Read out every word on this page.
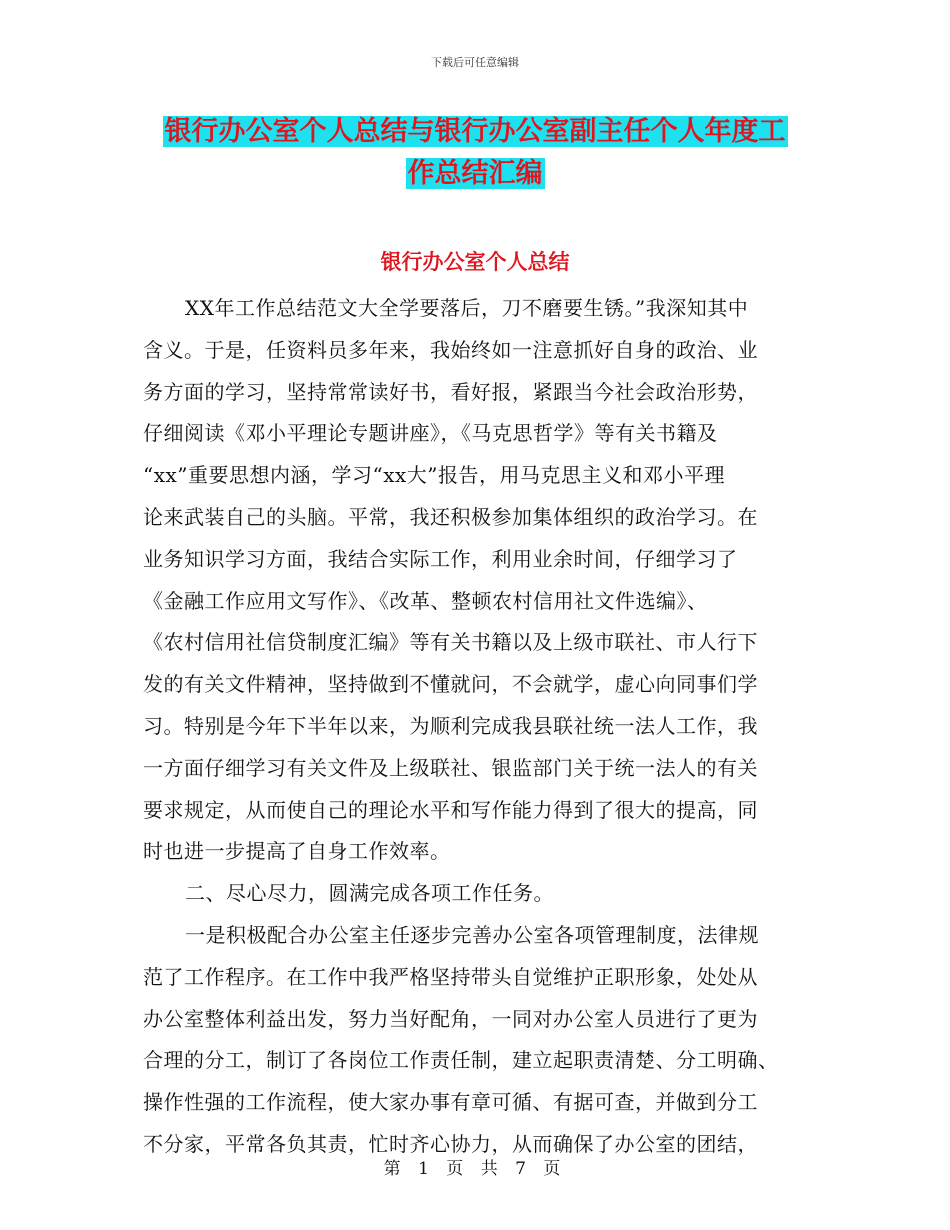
下载后可任意编辑
银行办公室个人总结与银行办公室副主任个人年度工
作总结汇编
银行办公室个人总结
XX年工作总结范文大全学要落后，刀不磨要生锈。”我深知其中
含义。于是，任资料员多年来，我始终如一注意抓好自身的政治、业
务方面的学习，坚持常常读好书，看好报，紧跟当今社会政治形势，
仔细阅读《邓小平理论专题讲座》，《马克思哲学》等有关书籍及
“xx”重要思想内涵，学习“xx大”报告，用马克思主义和邓小平理
论来武装自己的头脑。平常，我还积极参加集体组织的政治学习。在
业务知识学习方面，我结合实际工作，利用业余时间，仔细学习了
《金融工作应用文写作》、《改革、整顿农村信用社文件选编》、
《农村信用社信贷制度汇编》等有关书籍以及上级市联社、市人行下
发的有关文件精神，坚持做到不懂就问，不会就学，虚心向同事们学
习。特别是今年下半年以来，为顺利完成我县联社统一法人工作，我
一方面仔细学习有关文件及上级联社、银监部门关于统一法人的有关
要求规定，从而使自己的理论水平和写作能力得到了很大的提高，同
时也进一步提高了自身工作效率。
二、尽心尽力，圆满完成各项工作任务。
一是积极配合办公室主任逐步完善办公室各项管理制度，法律规
范了工作程序。在工作中我严格坚持带头自觉维护正职形象，处处从
办公室整体利益出发，努力当好配角，一同对办公室人员进行了更为
合理的分工，制订了各岗位工作责任制，建立起职责清楚、分工明确、
操作性强的工作流程，使大家办事有章可循、有据可查，并做到分工
不分家，平常各负其责，忙时齐心协力，从而确保了办公室的团结，
第 1 页 共 7 页
